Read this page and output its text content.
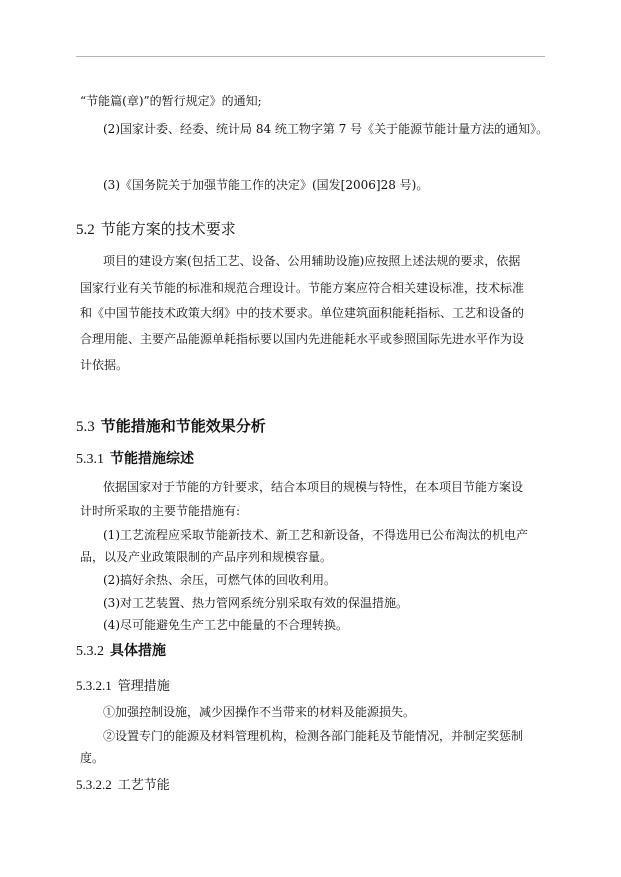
“节能篇(章)”的暂行规定》的通知;
(2)国家计委、经委、统计局 84 统工物字第 7 号《关于能源节能计量方法的通知》。
(3)《国务院关于加强节能工作的决定》(国发[2006]28 号)。
5.2 节能方案的技术要求
项目的建设方案(包括工艺、设备、公用辅助设施)应按照上述法规的要求，依据
国家行业有关节能的标准和规范合理设计。节能方案应符合相关建设标准，技术标准
和《中国节能技术政策大纲》中的技术要求。单位建筑面积能耗指标、工艺和设备的
合理用能、主要产品能源单耗指标要以国内先进能耗水平或参照国际先进水平作为设
计依据。
5.3 节能措施和节能效果分析
5.3.1 节能措施综述
依据国家对于节能的方针要求，结合本项目的规模与特性，在本项目节能方案设
计时所采取的主要节能措施有:
(1)工艺流程应采取节能新技术、新工艺和新设备，不得选用已公布淘汰的机电产
品，以及产业政策限制的产品序列和规模容量。
(2)搞好余热、余压，可燃气体的回收利用。
(3)对工艺装置、热力管网系统分别采取有效的保温措施。
(4)尽可能避免生产工艺中能量的不合理转换。
5.3.2 具体措施
5.3.2.1 管理措施
①加强控制设施，减少因操作不当带来的材料及能源损失。
②设置专门的能源及材料管理机构，检测各部门能耗及节能情况，并制定奖惩制
度。
5.3.2.2 工艺节能
